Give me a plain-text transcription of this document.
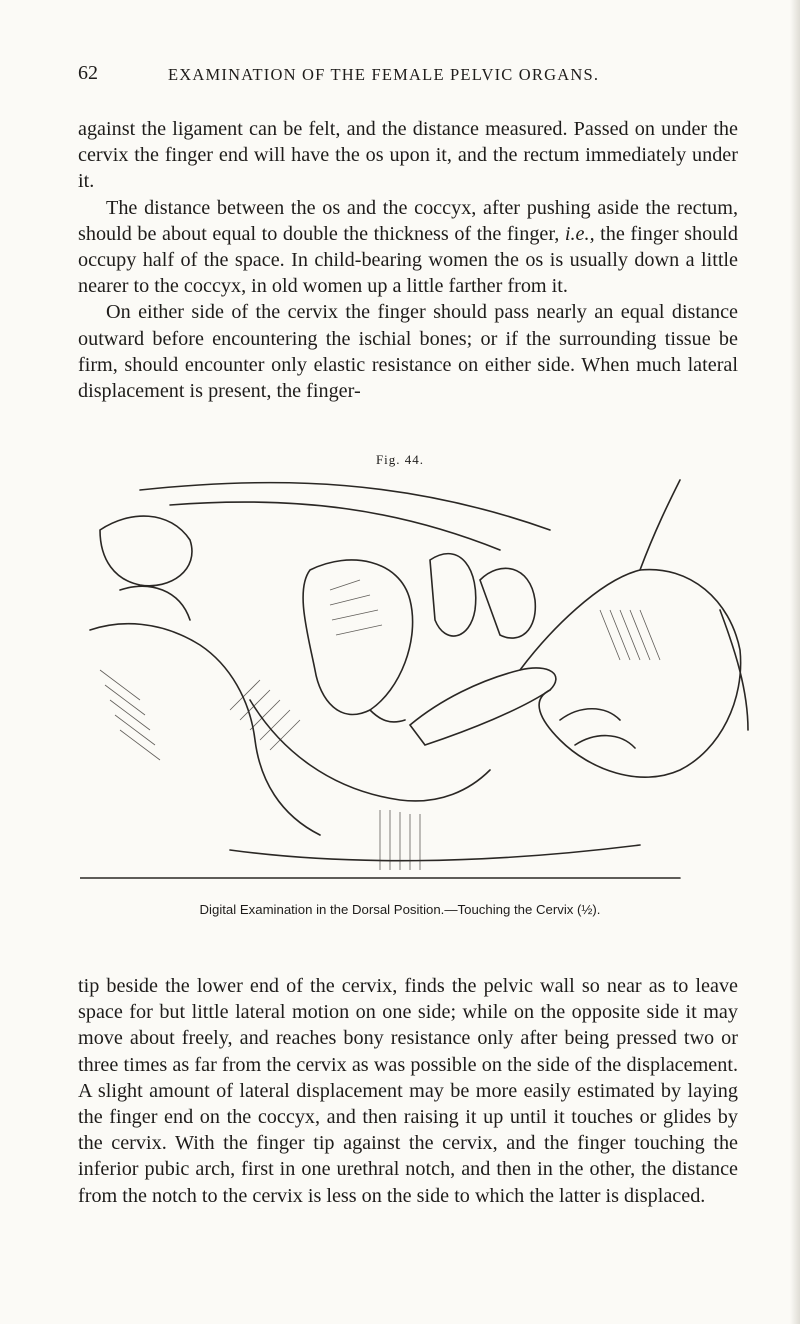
62	EXAMINATION OF THE FEMALE PELVIC ORGANS.

against the ligament can be felt, and the distance measured. Passed on under the cervix the finger end will have the os upon it, and the rectum immediately under it.

The distance between the os and the coccyx, after pushing aside the rectum, should be about equal to double the thickness of the finger, i.e., the finger should occupy half of the space. In child-bearing women the os is usually down a little nearer to the coccyx, in old women up a little farther from it.

On either side of the cervix the finger should pass nearly an equal distance outward before encountering the ischial bones; or if the surrounding tissue be firm, should encounter only elastic resistance on either side. When much lateral displacement is present, the finger-

Fig. 44.
Digital Examination in the Dorsal Position.—Touching the Cervix (½).

tip beside the lower end of the cervix, finds the pelvic wall so near as to leave space for but little lateral motion on one side; while on the opposite side it may move about freely, and reaches bony resistance only after being pressed two or three times as far from the cervix as was possible on the side of the displacement. A slight amount of lateral displacement may be more easily estimated by laying the finger end on the coccyx, and then raising it up until it touches or glides by the cervix. With the finger tip against the cervix, and the finger touching the inferior pubic arch, first in one urethral notch, and then in the other, the distance from the notch to the cervix is less on the side to which the latter is displaced.
